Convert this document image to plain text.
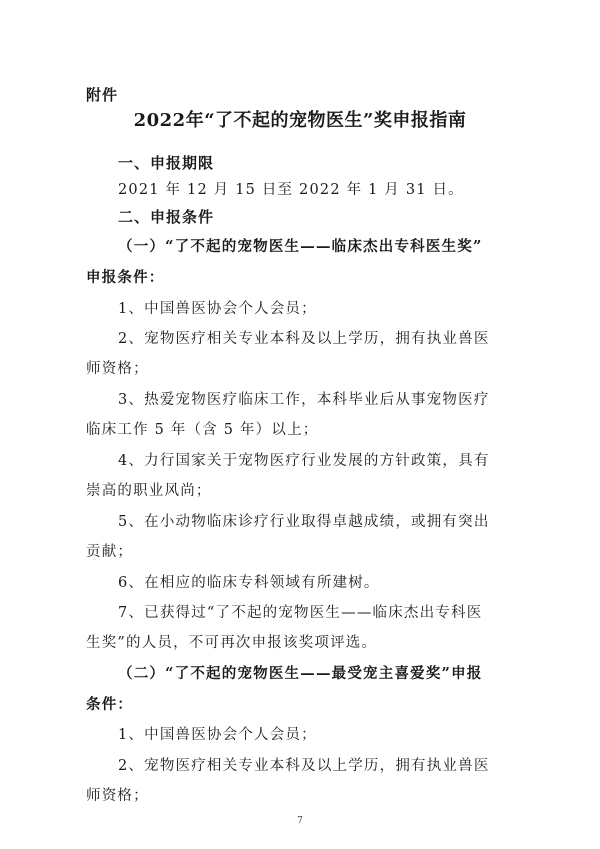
附件
2022年“了不起的宠物医生”奖申报指南
一、申报期限
2021 年 12 月 15 日至 2022 年 1 月 31 日。
二、申报条件
（一）“了不起的宠物医生——临床杰出专科医生奖”
申报条件：
1、中国兽医协会个人会员；
2、宠物医疗相关专业本科及以上学历，拥有执业兽医
师资格；
3、热爱宠物医疗临床工作，本科毕业后从事宠物医疗
临床工作 5 年（含 5 年）以上；
4、力行国家关于宠物医疗行业发展的方针政策，具有
崇高的职业风尚；
5、在小动物临床诊疗行业取得卓越成绩，或拥有突出
贡献；
6、在相应的临床专科领域有所建树。
7、已获得过“了不起的宠物医生——临床杰出专科医
生奖”的人员，不可再次申报该奖项评选。
（二）“了不起的宠物医生——最受宠主喜爱奖”申报
条件：
1、中国兽医协会个人会员；
2、宠物医疗相关专业本科及以上学历，拥有执业兽医
师资格；
7
